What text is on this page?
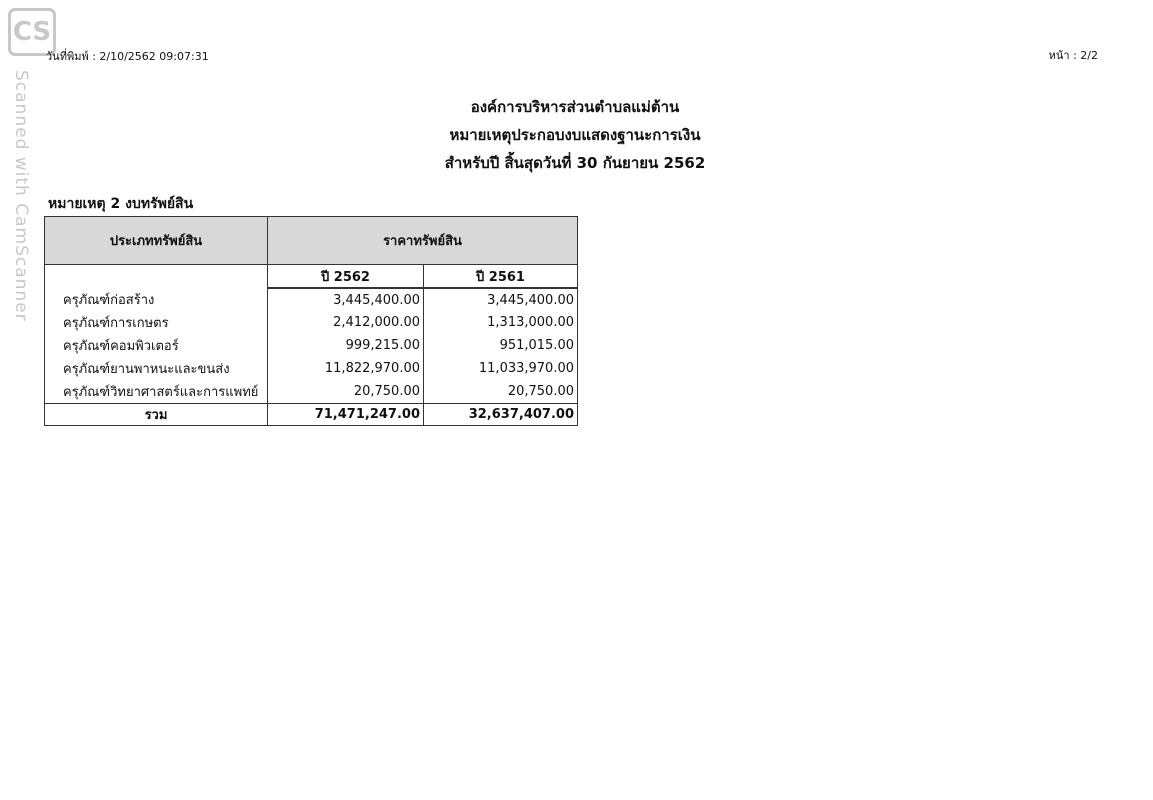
CS
Scanned with CamScanner
วันที่พิมพ์ : 2/10/2562 09:07:31	หน้า : 2/2
องค์การบริหารส่วนตำบลแม่ต้าน
หมายเหตุประกอบงบแสดงฐานะการเงิน
สำหรับปี สิ้นสุดวันที่ 30 กันยายน 2562
หมายเหตุ 2 งบทรัพย์สิน
ประเภททรัพย์สิน	ราคาทรัพย์สิน	
	ปี 2562	ปี 2561
ครุภัณฑ์ก่อสร้าง	3,445,400.00	3,445,400.00
ครุภัณฑ์การเกษตร	2,412,000.00	1,313,000.00
ครุภัณฑ์คอมพิวเตอร์	999,215.00	951,015.00
ครุภัณฑ์ยานพาหนะและขนส่ง	11,822,970.00	11,033,970.00
ครุภัณฑ์วิทยาศาสตร์และการแพทย์	20,750.00	20,750.00
รวม	71,471,247.00	32,637,407.00
